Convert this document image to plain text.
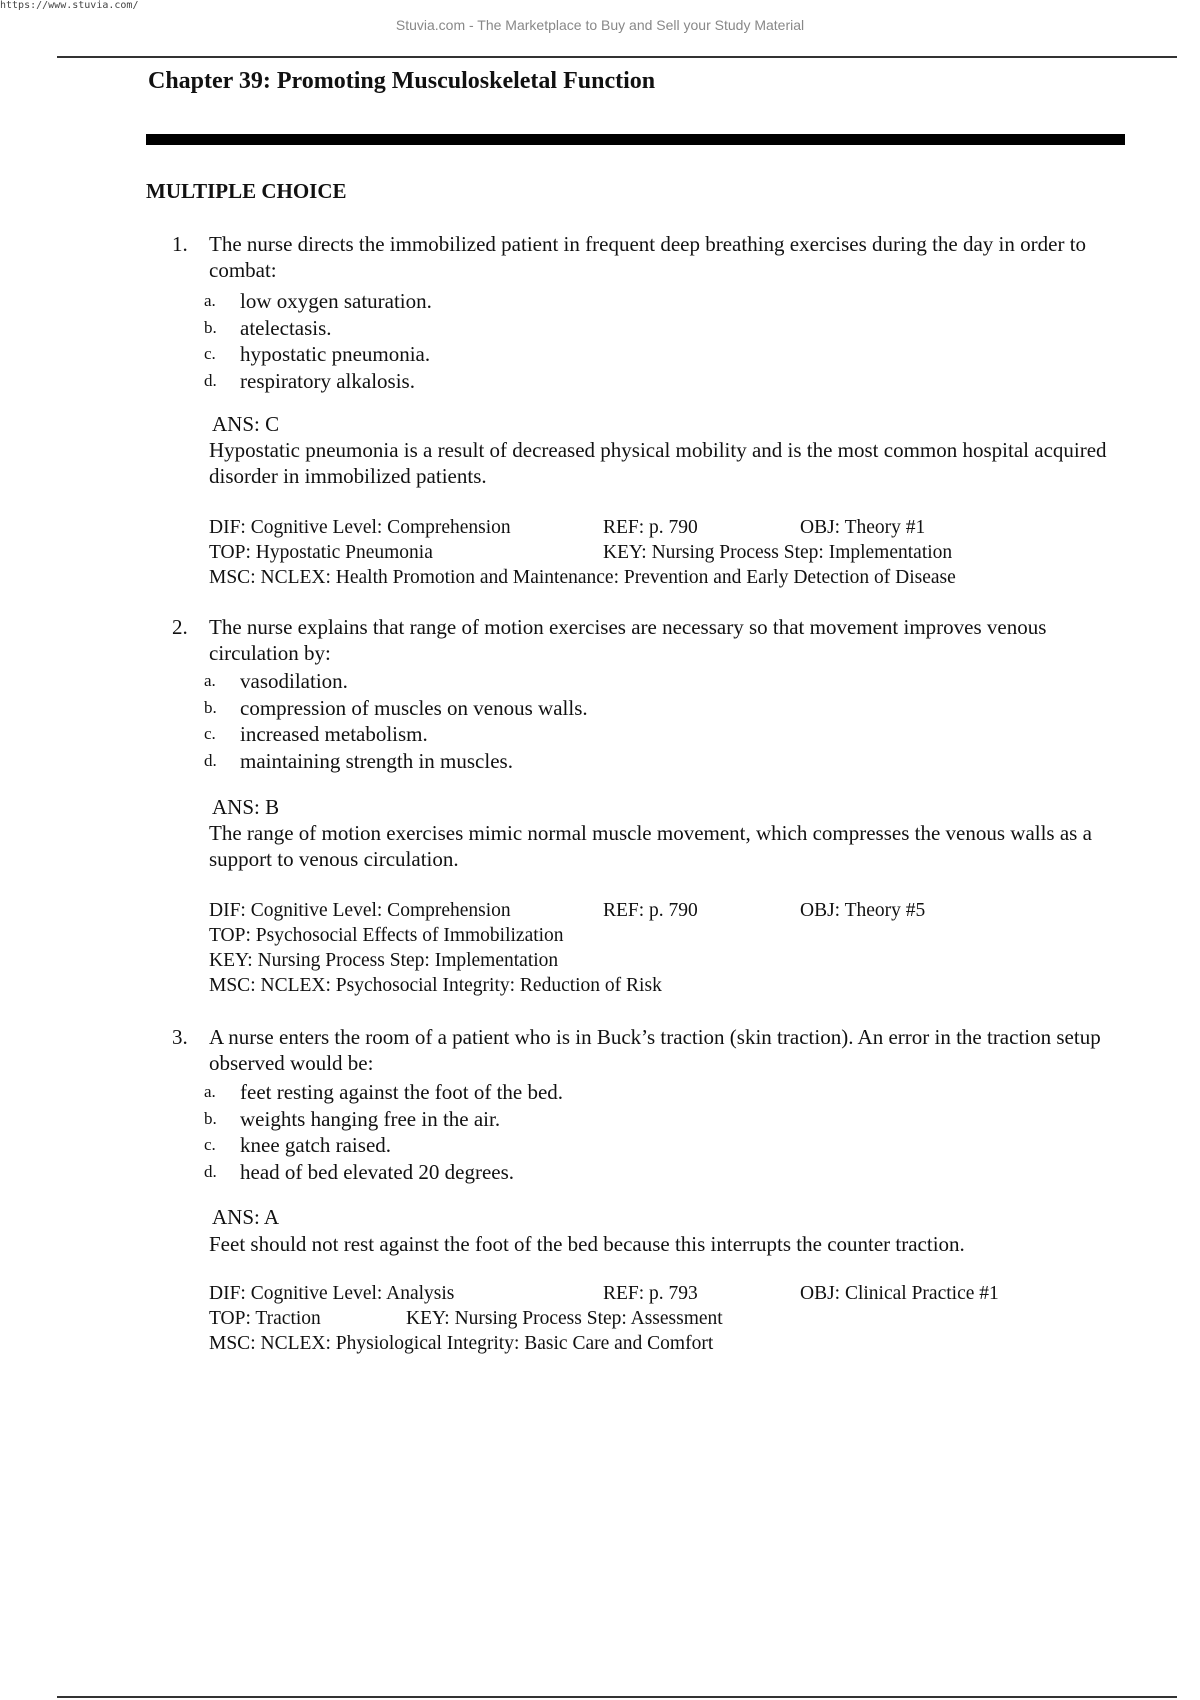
https://www.stuvia.com/
Stuvia.com - The Marketplace to Buy and Sell your Study Material
Chapter 39: Promoting Musculoskeletal Function
MULTIPLE CHOICE
1. The nurse directs the immobilized patient in frequent deep breathing exercises during the day in order to combat:
a. low oxygen saturation.
b. atelectasis.
c. hypostatic pneumonia.
d. respiratory alkalosis.
ANS: C
Hypostatic pneumonia is a result of decreased physical mobility and is the most common hospital acquired disorder in immobilized patients.
DIF: Cognitive Level: Comprehension	REF: p. 790	OBJ: Theory #1
TOP: Hypostatic Pneumonia	KEY: Nursing Process Step: Implementation
MSC: NCLEX: Health Promotion and Maintenance: Prevention and Early Detection of Disease
2. The nurse explains that range of motion exercises are necessary so that movement improves venous circulation by:
a. vasodilation.
b. compression of muscles on venous walls.
c. increased metabolism.
d. maintaining strength in muscles.
ANS: B
The range of motion exercises mimic normal muscle movement, which compresses the venous walls as a support to venous circulation.
DIF: Cognitive Level: Comprehension	REF: p. 790	OBJ: Theory #5
TOP: Psychosocial Effects of Immobilization
KEY: Nursing Process Step: Implementation
MSC: NCLEX: Psychosocial Integrity: Reduction of Risk
3. A nurse enters the room of a patient who is in Buck’s traction (skin traction). An error in the traction setup observed would be:
a. feet resting against the foot of the bed.
b. weights hanging free in the air.
c. knee gatch raised.
d. head of bed elevated 20 degrees.
ANS: A
Feet should not rest against the foot of the bed because this interrupts the counter traction.
DIF: Cognitive Level: Analysis	REF: p. 793	OBJ: Clinical Practice #1
TOP: Traction	KEY: Nursing Process Step: Assessment
MSC: NCLEX: Physiological Integrity: Basic Care and Comfort
